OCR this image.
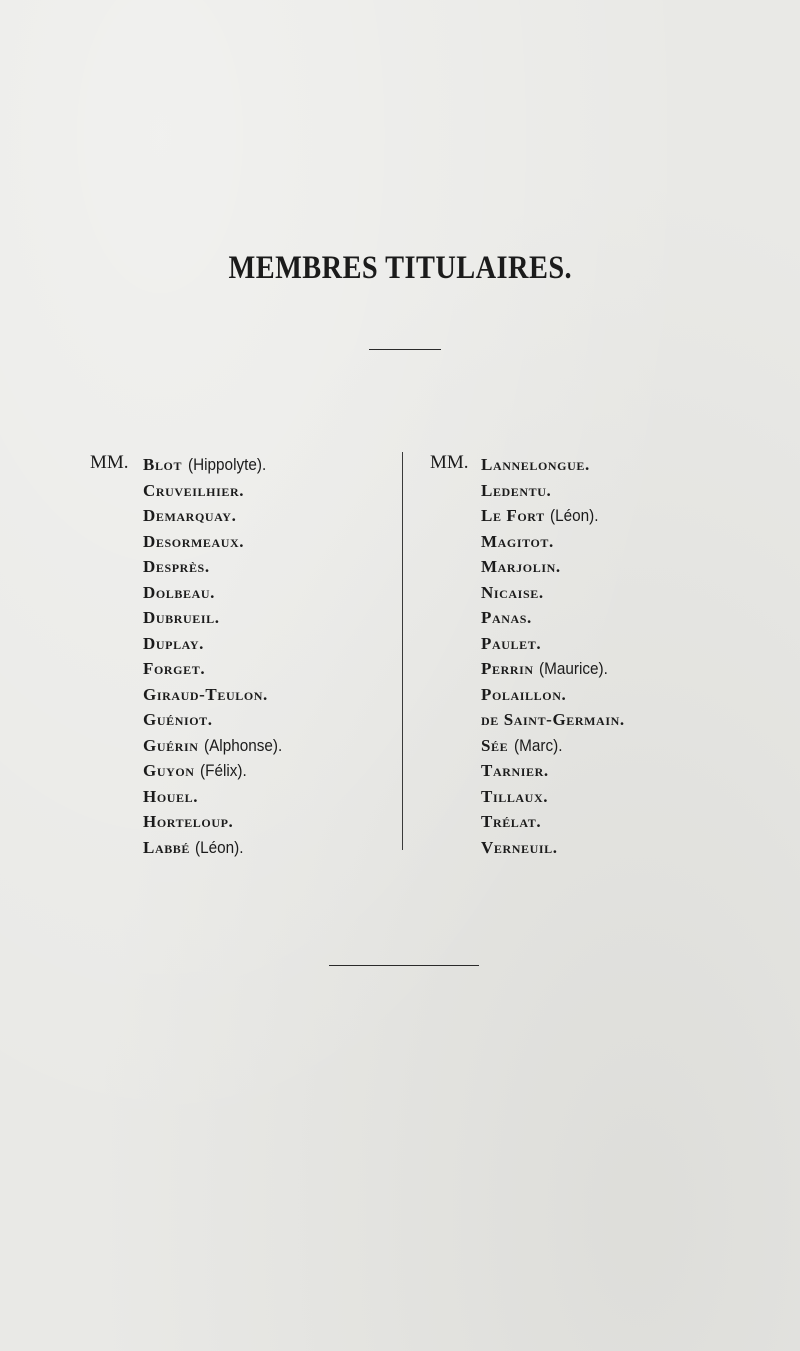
MEMBRES TITULAIRES.
MM. Blot (Hippolyte).
Cruveilhier.
Demarquay.
Desormeaux.
Desprès.
Dolbeau.
Dubrueil.
Duplay.
Forget.
Giraud-Teulon.
Guéniot.
Guérin (Alphonse).
Guyon (Félix).
Houel.
Horteloup.
Labbé (Léon).
MM. Lannelongue.
Ledentu.
Le Fort (Léon).
Magitot.
Marjolin.
Nicaise.
Panas.
Paulet.
Perrin (Maurice).
Polaillon.
de Saint-Germain.
Sée (Marc).
Tarnier.
Tillaux.
Trélat.
Verneuil.
